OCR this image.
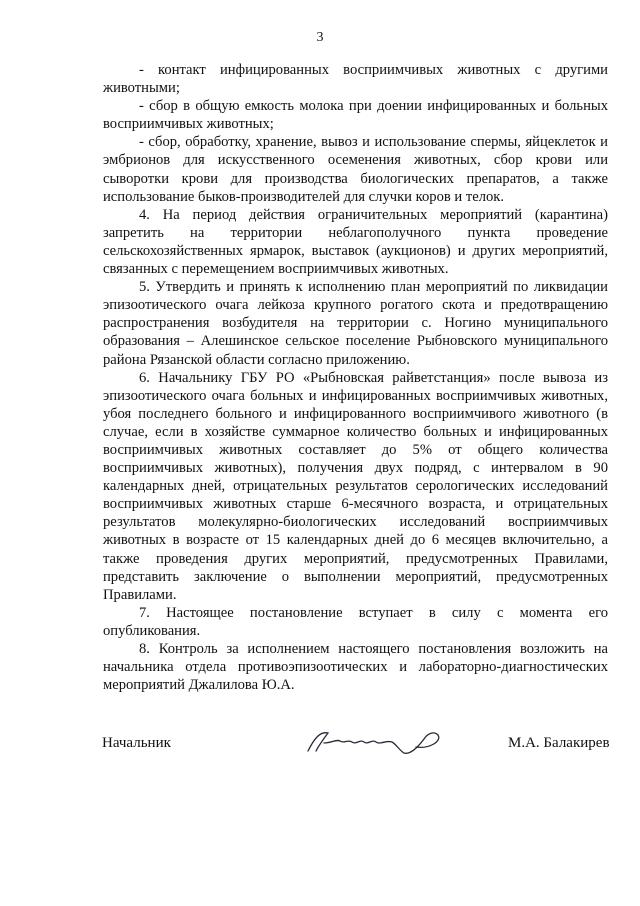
3

- контакт инфицированных восприимчивых животных с другими животными;

- сбор в общую емкость молока при доении инфицированных и больных восприимчивых животных;

- сбор, обработку, хранение, вывоз и использование спермы, яйцеклеток и эмбрионов для искусственного осеменения животных, сбор крови или сыворотки крови для производства биологических препаратов, а также использование быков-производителей для случки коров и телок.

4. На период действия ограничительных мероприятий (карантина) запретить на территории неблагополучного пункта проведение сельскохозяйственных ярмарок, выставок (аукционов) и других мероприятий, связанных с перемещением восприимчивых животных.

5. Утвердить и принять к исполнению план мероприятий по ликвидации эпизоотического очага лейкоза крупного рогатого скота и предотвращению распространения возбудителя на территории с. Ногино муниципального образования – Алешинское сельское поселение Рыбновского муниципального района Рязанской области согласно приложению.

6. Начальнику ГБУ РО «Рыбновская райветстанция» после вывоза из эпизоотического очага больных и инфицированных восприимчивых животных, убоя последнего больного и инфицированного восприимчивого животного (в случае, если в хозяйстве суммарное количество больных и инфицированных восприимчивых животных составляет до 5% от общего количества восприимчивых животных), получения двух подряд, с интервалом в 90 календарных дней, отрицательных результатов серологических исследований восприимчивых животных старше 6-месячного возраста, и отрицательных результатов молекулярно-биологических исследований восприимчивых животных в возрасте от 15 календарных дней до 6 месяцев включительно, а также проведения других мероприятий, предусмотренных Правилами, представить заключение о выполнении мероприятий, предусмотренных Правилами.

7. Настоящее постановление вступает в силу с момента его опубликования.

8. Контроль за исполнением настоящего постановления возложить на начальника отдела противоэпизоотических и лабораторно-диагностических мероприятий Джалилова Ю.А.

Начальник	М.А. Балакирев
